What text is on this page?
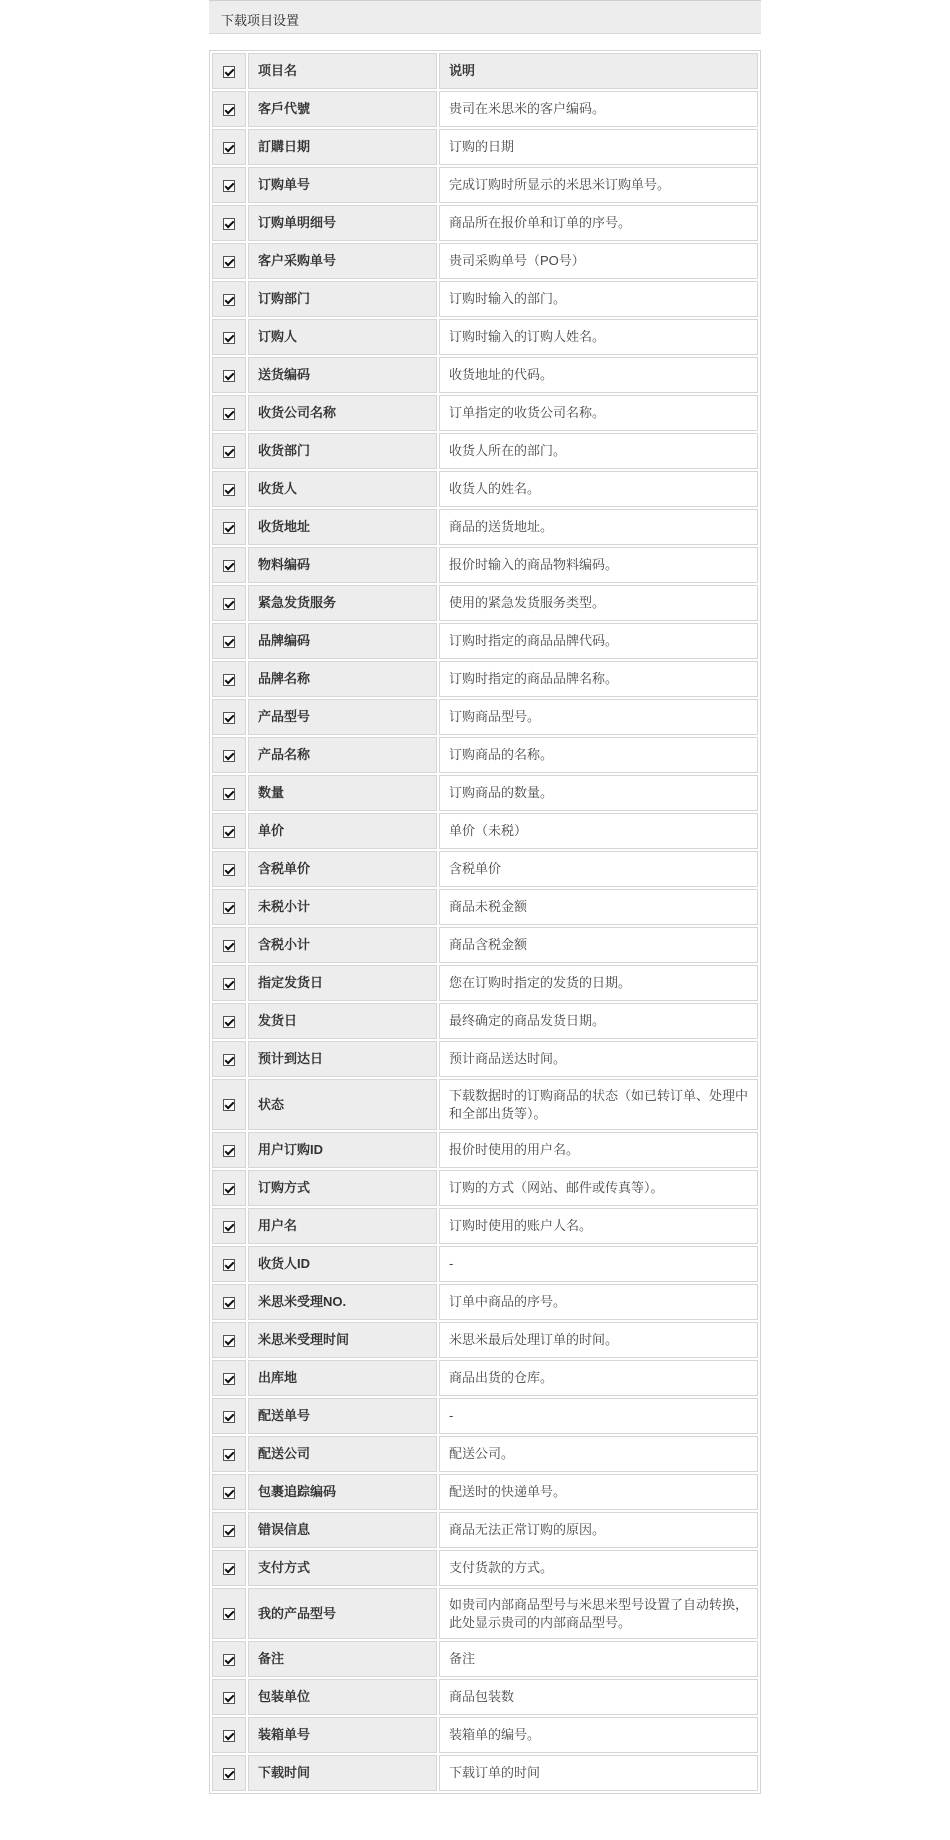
下载项目设置
	项目名	说明
	客戶代號	贵司在米思米的客户编码。
	訂購日期	订购的日期
	订购单号	完成订购时所显示的米思米订购单号。
	订购单明细号	商品所在报价单和订单的序号。
	客户采购单号	贵司采购单号（PO号）
	订购部门	订购时输入的部门。
	订购人	订购时输入的订购人姓名。
	送货编码	收货地址的代码。
	收货公司名称	订单指定的收货公司名称。
	收货部门	收货人所在的部门。
	收货人	收货人的姓名。
	收货地址	商品的送货地址。
	物料编码	报价时输入的商品物料编码。
	紧急发货服务	使用的紧急发货服务类型。
	品牌编码	订购时指定的商品品牌代码。
	品牌名称	订购时指定的商品品牌名称。
	产品型号	订购商品型号。
	产品名称	订购商品的名称。
	数量	订购商品的数量。
	单价	单价（未税）
	含税单价	含税单价
	未税小计	商品未税金额
	含税小计	商品含税金额
	指定发货日	您在订购时指定的发货的日期。
	发货日	最终确定的商品发货日期。
	预计到达日	预计商品送达时间。
	状态	下载数据时的订购商品的状态（如已转订单、处理中和全部出货等）。
	用户订购ID	报价时使用的用户名。
	订购方式	订购的方式（网站、邮件或传真等）。
	用户名	订购时使用的账户人名。
	收货人ID	-
	米思米受理NO.	订单中商品的序号。
	米思米受理时间	米思米最后处理订单的时间。
	出库地	商品出货的仓库。
	配送单号	-
	配送公司	配送公司。
	包裹追踪编码	配送时的快递单号。
	错误信息	商品无法正常订购的原因。
	支付方式	支付货款的方式。
	我的产品型号	如贵司内部商品型号与米思米型号设置了自动转换，此处显示贵司的内部商品型号。
	备注	备注
	包装单位	商品包装数
	装箱单号	装箱单的编号。
	下载时间	下载订单的时间
